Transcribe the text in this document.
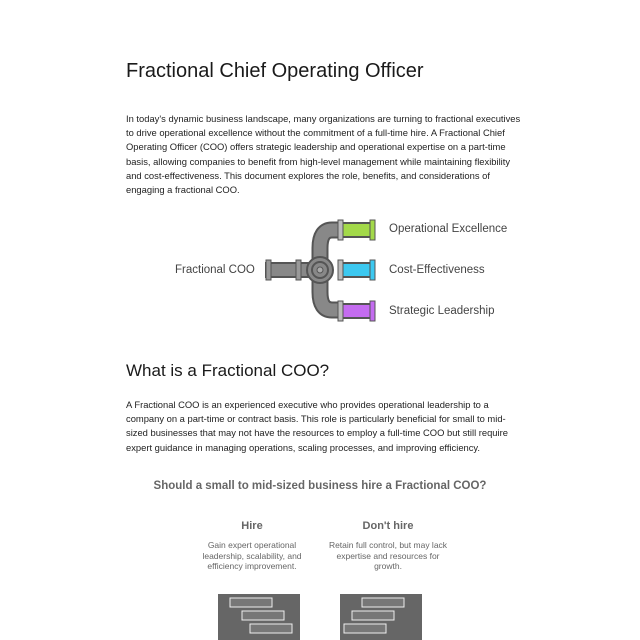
Fractional Chief Operating Officer
In today's dynamic business landscape, many organizations are turning to fractional executives to drive operational excellence without the commitment of a full-time hire. A Fractional Chief Operating Officer (COO) offers strategic leadership and operational expertise on a part-time basis, allowing companies to benefit from high-level management while maintaining flexibility and cost-effectiveness. This document explores the role, benefits, and considerations of engaging a fractional COO.
Fractional COO
Operational Excellence
Cost-Effectiveness
Strategic Leadership
What is a Fractional COO?
A Fractional COO is an experienced executive who provides operational leadership to a company on a part-time or contract basis. This role is particularly beneficial for small to mid-sized businesses that may not have the resources to employ a full-time COO but still require expert guidance in managing operations, scaling processes, and improving efficiency.
Should a small to mid-sized business hire a Fractional COO?
Hire
Gain expert operational leadership, scalability, and efficiency improvement.
Don't hire
Retain full control, but may lack expertise and resources for growth.
